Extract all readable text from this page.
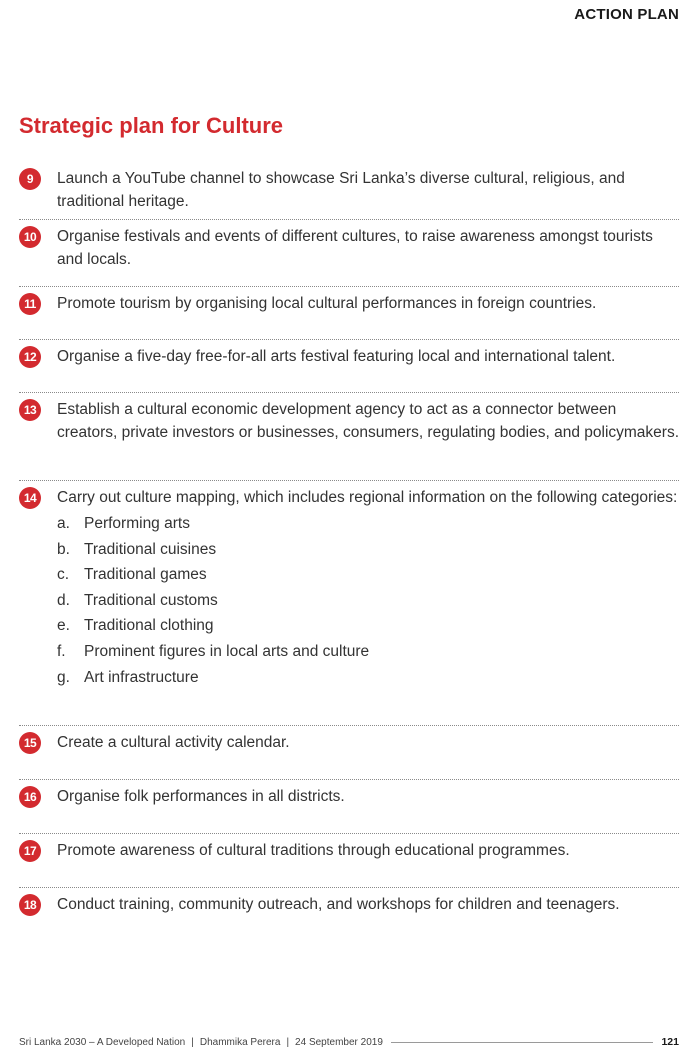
ACTION PLAN
Strategic plan for Culture
9	Launch a YouTube channel to showcase Sri Lanka’s diverse cultural, religious, and traditional heritage.
10	Organise festivals and events of different cultures, to raise awareness amongst tourists and locals.
11	Promote tourism by organising local cultural performances in foreign countries.
12	Organise a five-day free-for-all arts festival featuring local and international talent.
13	Establish a cultural economic development agency to act as a connector between creators, private investors or businesses, consumers, regulating bodies, and policymakers.
14	Carry out culture mapping, which includes regional information on the following categories:
a. Performing arts
b. Traditional cuisines
c. Traditional games
d. Traditional customs
e. Traditional clothing
f. Prominent figures in local arts and culture
g. Art infrastructure
15	Create a cultural activity calendar.
16	Organise folk performances in all districts.
17	Promote awareness of cultural traditions through educational programmes.
18	Conduct training, community outreach, and workshops for children and teenagers.
Sri Lanka 2030 – A Developed Nation | Dhammika Perera | 24 September 2019	121
